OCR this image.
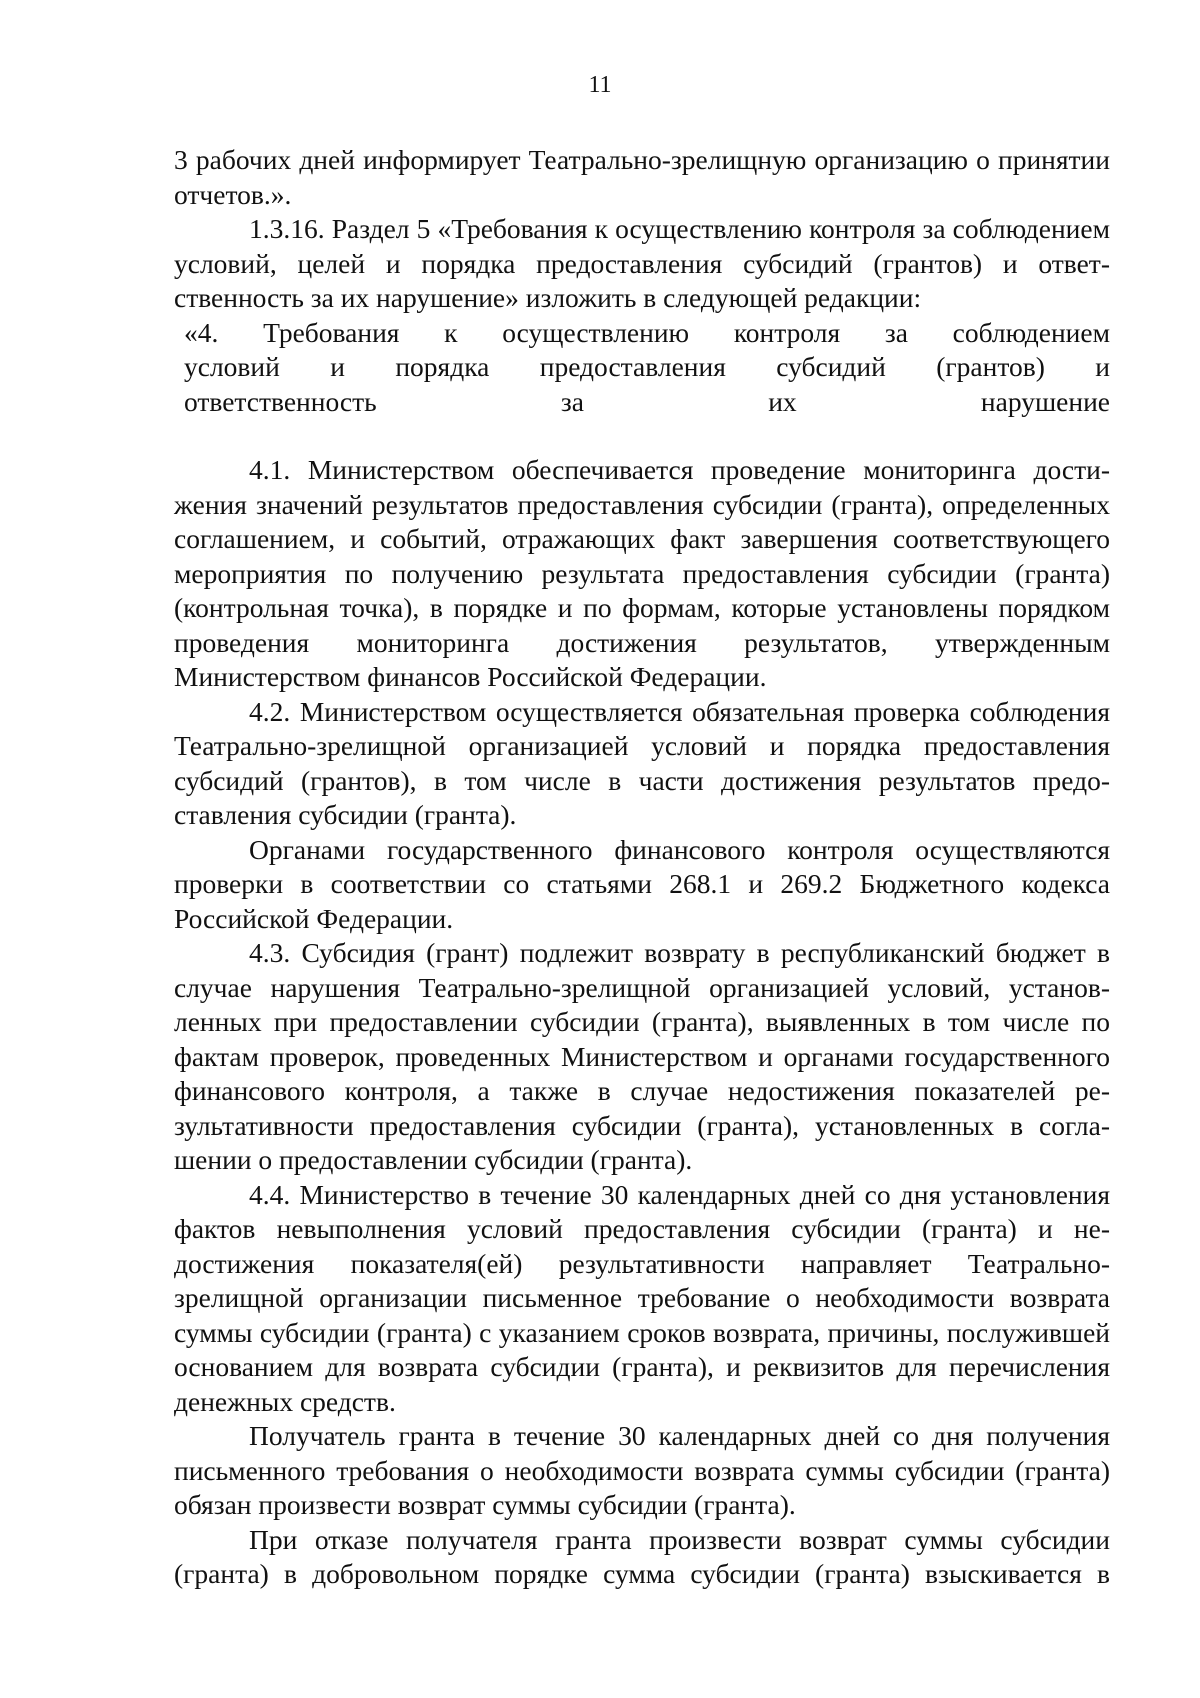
11

3 рабочих дней информирует Театрально-зрелищную организацию о принятии отчетов.».

1.3.16. Раздел 5 «Требования к осуществлению контроля за соблюдением условий, целей и порядка предоставления субсидий (грантов) и ответственность за их нарушение» изложить в следующей редакции:

«4. Требования к осуществлению контроля за соблюдением

условий и порядка предоставления субсидий (грантов) и

ответственность за их нарушение

4.1. Министерством обеспечивается проведение мониторинга достижения значений результатов предоставления субсидии (гранта), определенных соглашением, и событий, отражающих факт завершения соответствующего мероприятия по получению результата предоставления субсидии (гранта) (контрольная точка), в порядке и по формам, которые установлены порядком проведения мониторинга достижения результатов, утвержденным Министерством финансов Российской Федерации.

4.2. Министерством осуществляется обязательная проверка соблюдения Театрально-зрелищной организацией условий и порядка предоставления субсидий (грантов), в том числе в части достижения результатов предоставления субсидии (гранта).

Органами государственного финансового контроля осуществляются проверки в соответствии со статьями 268.1 и 269.2 Бюджетного кодекса Российской Федерации.

4.3. Субсидия (грант) подлежит возврату в республиканский бюджет в случае нарушения Театрально-зрелищной организацией условий, установленных при предоставлении субсидии (гранта), выявленных в том числе по фактам проверок, проведенных Министерством и органами государственного финансового контроля, а также в случае недостижения показателей результативности предоставления субсидии (гранта), установленных в соглашении о предоставлении субсидии (гранта).

4.4. Министерство в течение 30 календарных дней со дня установления фактов невыполнения условий предоставления субсидии (гранта) и недостижения показателя(ей) результативности направляет Театрально-зрелищной организации письменное требование о необходимости возврата суммы субсидии (гранта) с указанием сроков возврата, причины, послужившей основанием для возврата субсидии (гранта), и реквизитов для перечисления денежных средств.

Получатель гранта в течение 30 календарных дней со дня получения письменного требования о необходимости возврата суммы субсидии (гранта) обязан произвести возврат суммы субсидии (гранта).

При отказе получателя гранта произвести возврат суммы субсидии (гранта) в добровольном порядке сумма субсидии (гранта) взыскивается в
